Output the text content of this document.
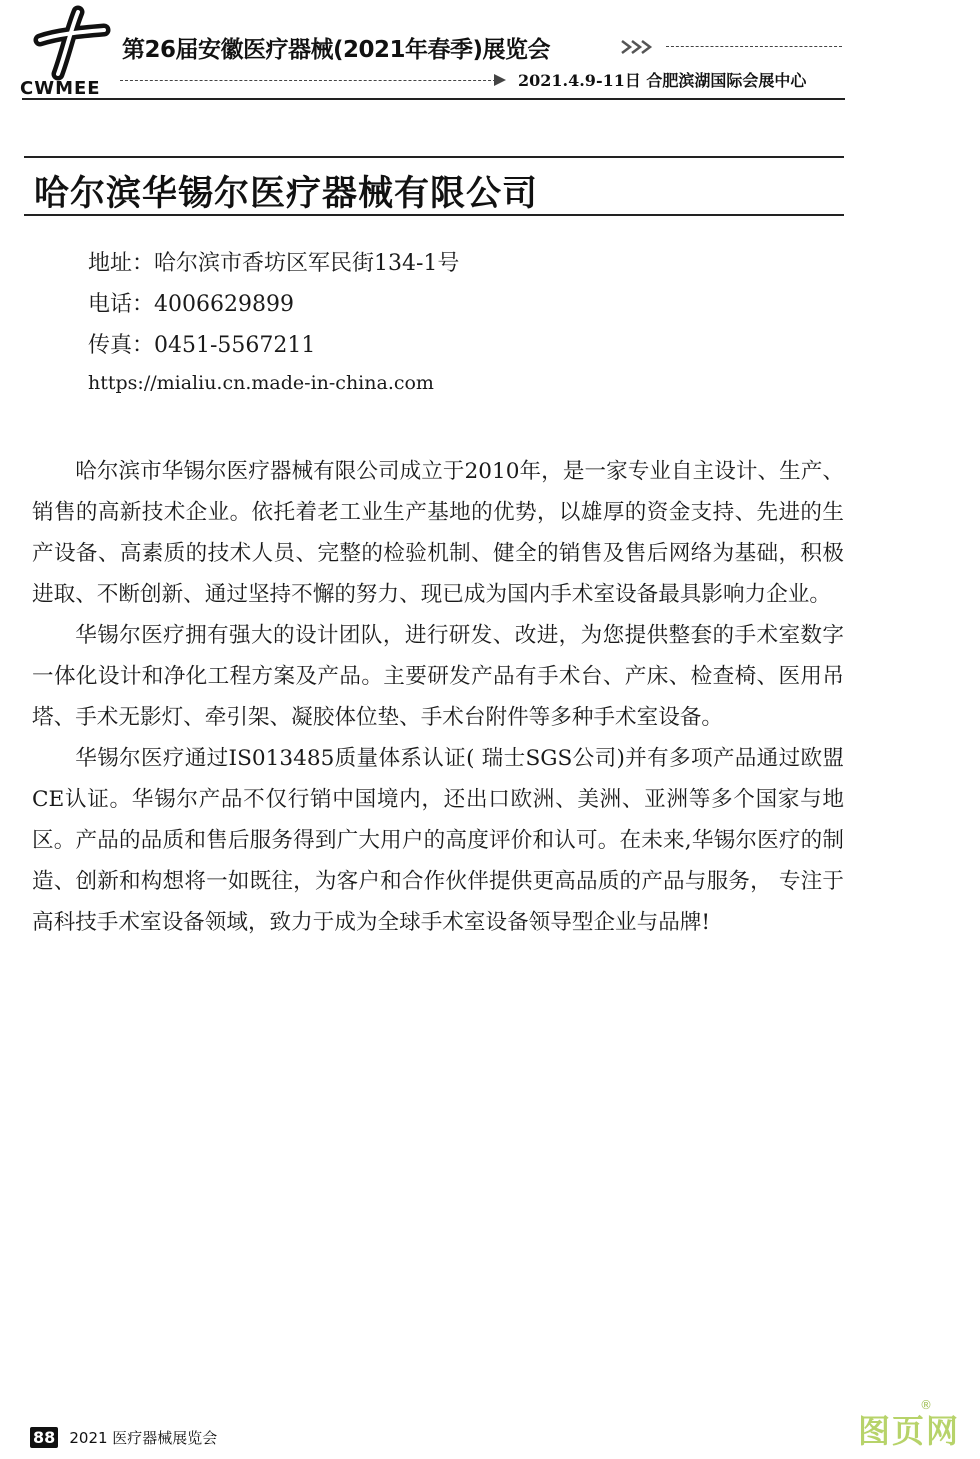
CWMEE
第26届安徽医疗器械(2021年春季)展览会
2021.4.9-11日 合肥滨湖国际会展中心
哈尔滨华锡尔医疗器械有限公司
地址：哈尔滨市香坊区军民街134-1号
电话：4006629899
传真：0451-5567211
https://mialiu.cn.made-in-china.com

哈尔滨市华锡尔医疗器械有限公司成立于2010年，是一家专业自主设计、生产、销售的高新技术企业。依托着老工业生产基地的优势，以雄厚的资金支持、先进的生产设备、高素质的技术人员、完整的检验机制、健全的销售及售后网络为基础，积极进取、不断创新、通过坚持不懈的努力、现已成为国内手术室设备最具影响力企业。

华锡尔医疗拥有强大的设计团队，进行研发、改进，为您提供整套的手术室数字一体化设计和净化工程方案及产品。主要研发产品有手术台、产床、检查椅、医用吊塔、手术无影灯、牵引架、凝胶体位垫、手术台附件等多种手术室设备。

华锡尔医疗通过IS013485质量体系认证( 瑞士SGS公司)并有多项产品通过欧盟CE认证。华锡尔产品不仅行销中国境内，还出口欧洲、美洲、亚洲等多个国家与地区。产品的品质和售后服务得到广大用户的高度评价和认可。在未来,华锡尔医疗的制造、创新和构想将一如既往，为客户和合作伙伴提供更高品质的产品与服务， 专注于高科技手术室设备领域，致力于成为全球手术室设备领导型企业与品牌!

88 2021 医疗器械展览会	图页网
®
